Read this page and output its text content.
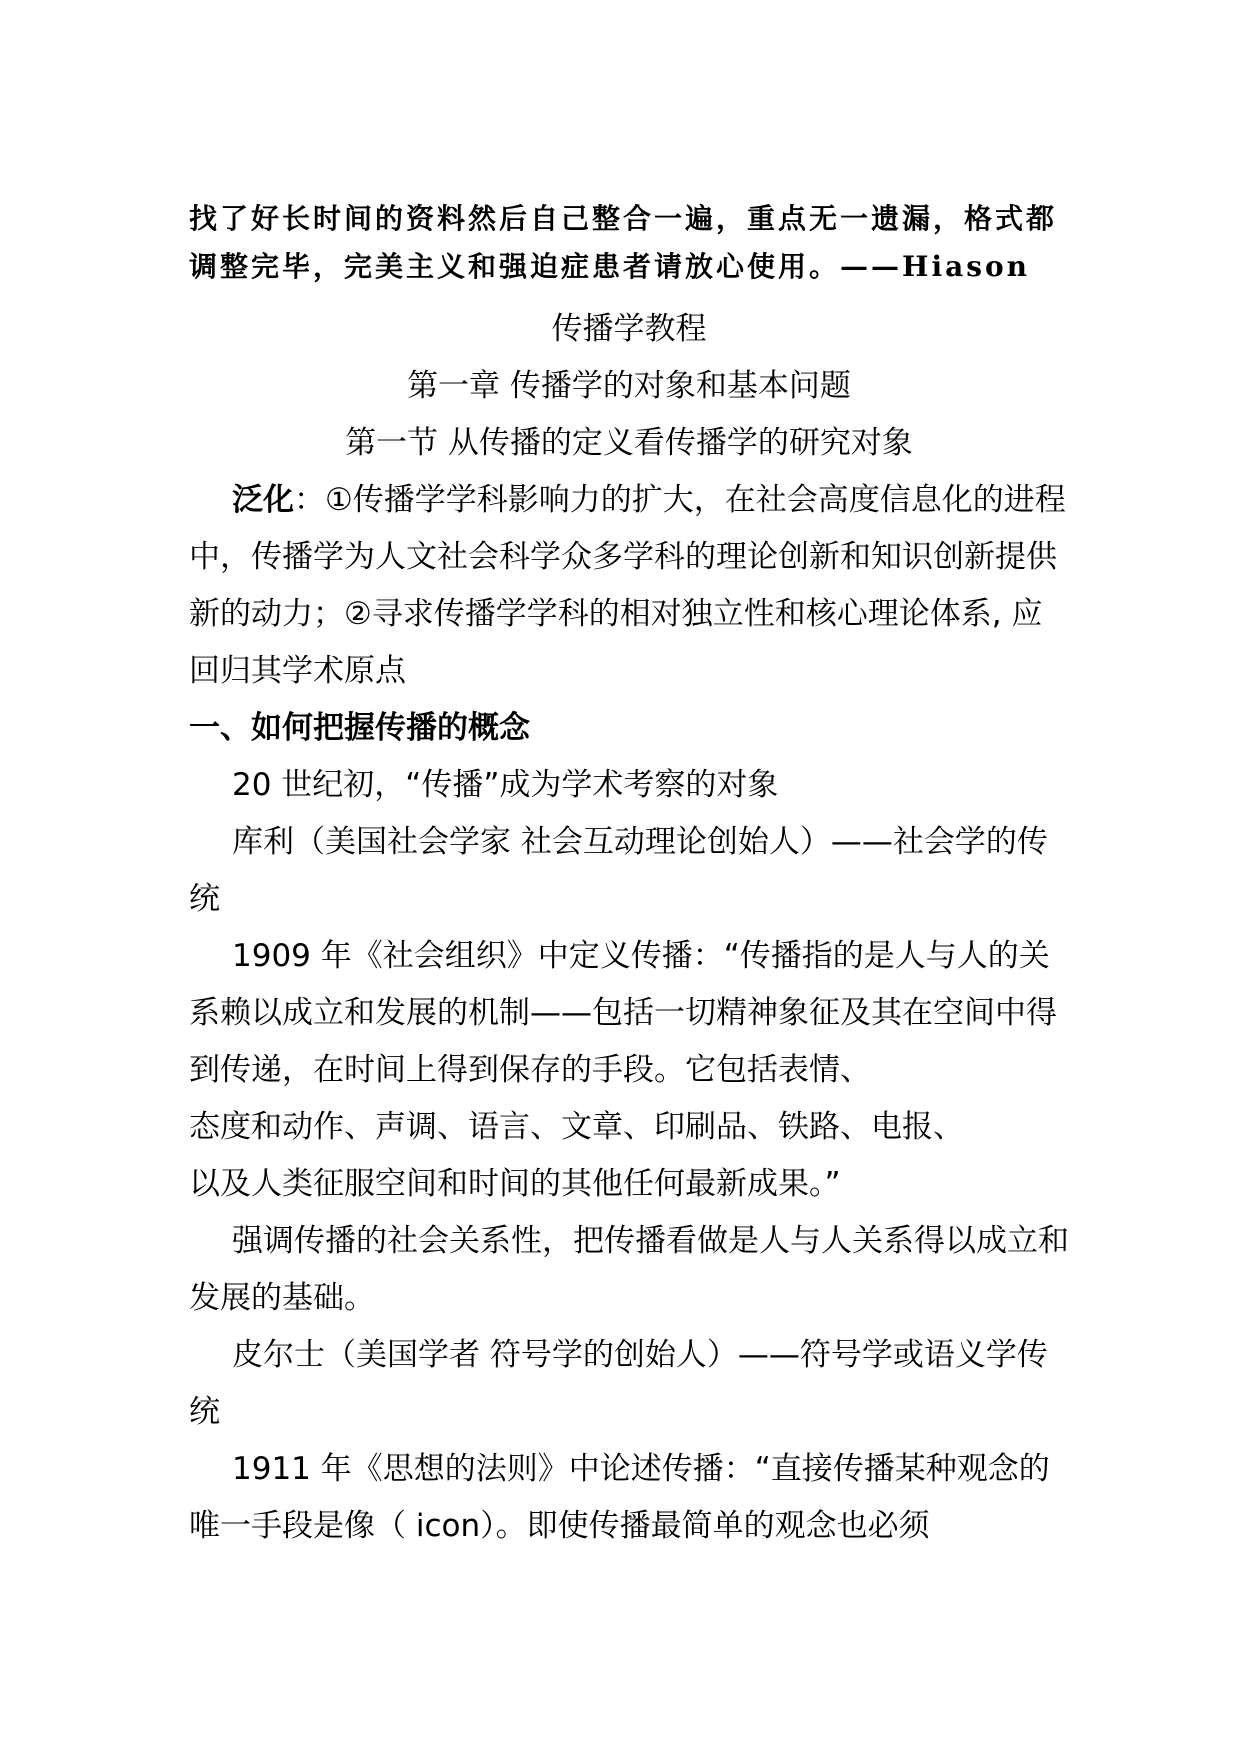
找了好长时间的资料然后自己整合一遍，重点无一遗漏，格式都
调整完毕，完美主义和强迫症患者请放心使用。——Hiason

传播学教程

第一章 传播学的对象和基本问题

第一节 从传播的定义看传播学的研究对象

泛化：①传播学学科影响力的扩大，在社会高度信息化的进程中，传播学为人文社会科学众多学科的理论创新和知识创新提供新的动力；②寻求传播学学科的相对独立性和核心理论体系, 应回归其学术原点

一、如何把握传播的概念

20 世纪初，“传播”成为学术考察的对象

库利（美国社会学家 社会互动理论创始人）——社会学的传统

1909 年《社会组织》中定义传播：“传播指的是人与人的关系赖以成立和发展的机制——包括一切精神象征及其在空间中得到传递，在时间上得到保存的手段。它包括表情、

态度和动作、声调、语言、文章、印刷品、铁路、电报、

以及人类征服空间和时间的其他任何最新成果。”

强调传播的社会关系性，把传播看做是人与人关系得以成立和发展的基础。

皮尔士（美国学者 符号学的创始人）——符号学或语义学传统

1911 年《思想的法则》中论述传播：“直接传播某种观念的唯一手段是像（ icon）。即使传播最简单的观念也必须
